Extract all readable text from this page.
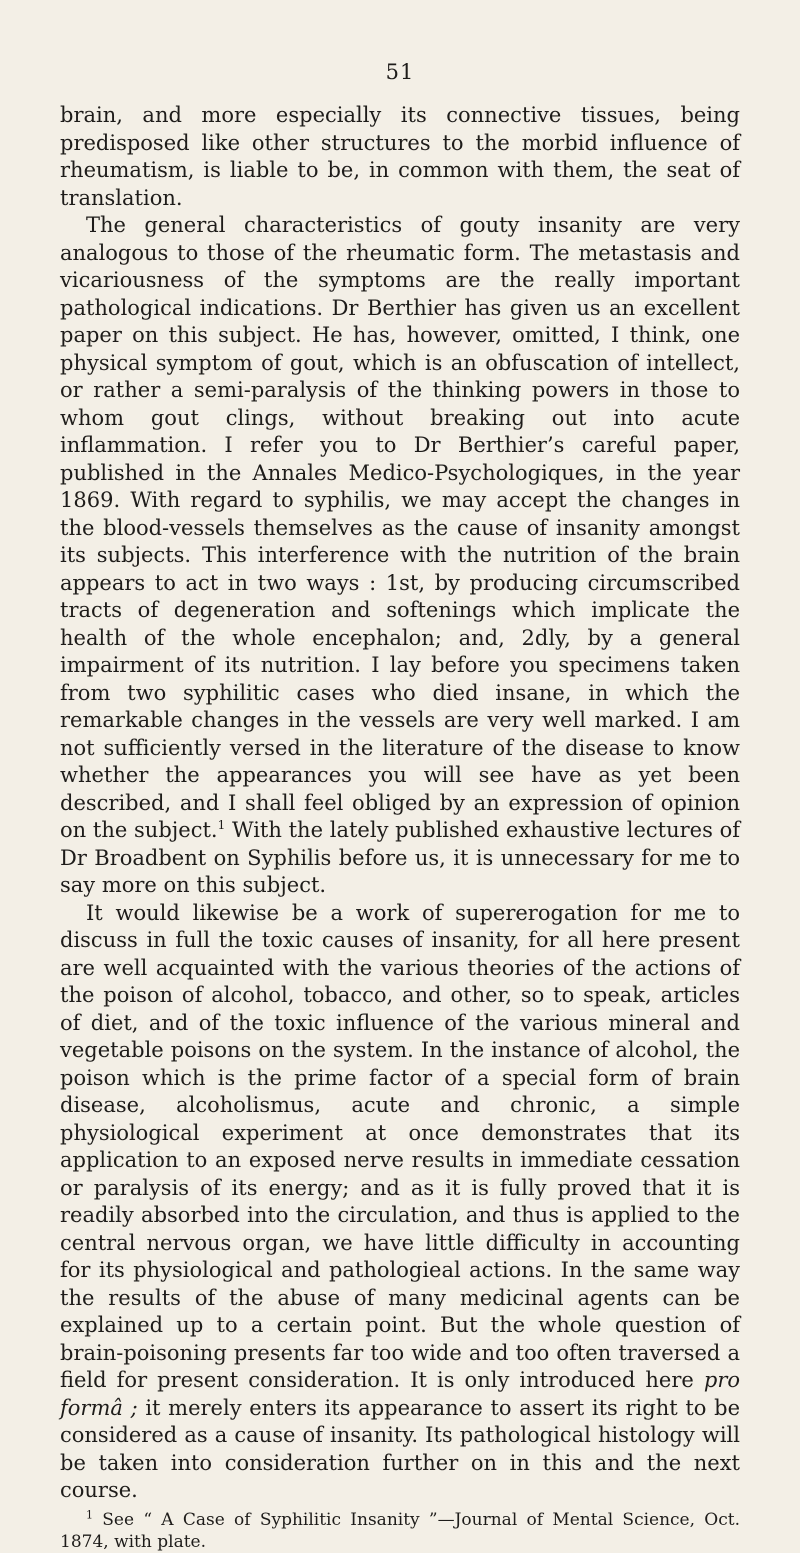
51

brain, and more especially its connective tissues, being predisposed like other structures to the morbid influence of rheumatism, is liable to be, in common with them, the seat of translation.

The general characteristics of gouty insanity are very analogous to those of the rheumatic form. The metastasis and vicariousness of the symptoms are the really important pathological indications. Dr Berthier has given us an excellent paper on this subject. He has, however, omitted, I think, one physical symptom of gout, which is an obfuscation of intellect, or rather a semi-paralysis of the thinking powers in those to whom gout clings, without breaking out into acute inflammation. I refer you to Dr Berthier’s careful paper, published in the Annales Medico-Psychologiques, in the year 1869. With regard to syphilis, we may accept the changes in the blood-vessels themselves as the cause of insanity amongst its subjects. This interference with the nutrition of the brain appears to act in two ways : 1st, by producing circumscribed tracts of degeneration and softenings which implicate the health of the whole encephalon; and, 2dly, by a general impairment of its nutrition. I lay before you specimens taken from two syphilitic cases who died insane, in which the remarkable changes in the vessels are very well marked. I am not sufficiently versed in the literature of the disease to know whether the appearances you will see have as yet been described, and I shall feel obliged by an expression of opinion on the subject.$^1$ With the lately published exhaustive lectures of Dr Broadbent on Syphilis before us, it is unnecessary for me to say more on this subject.

It would likewise be a work of supererogation for me to discuss in full the toxic causes of insanity, for all here present are well acquainted with the various theories of the actions of the poison of alcohol, tobacco, and other, so to speak, articles of diet, and of the toxic influence of the various mineral and vegetable poisons on the system. In the instance of alcohol, the poison which is the prime factor of a special form of brain disease, alcoholismus, acute and chronic, a simple physiological experiment at once demonstrates that its application to an exposed nerve results in immediate cessation or paralysis of its energy; and as it is fully proved that it is readily absorbed into the circulation, and thus is applied to the central nervous organ, we have little difficulty in accounting for its physiological and pathologieal actions. In the same way the results of the abuse of many medicinal agents can be explained up to a certain point. But the whole question of brain-poisoning presents far too wide and too often traversed a field for present consideration. It is only introduced here pro formâ ; it merely enters its appearance to assert its right to be considered as a cause of insanity. Its pathological histology will be taken into consideration further on in this and the next course.

$^1$ See “ A Case of Syphilitic Insanity ”—Journal of Mental Science, Oct. 1874, with plate.
